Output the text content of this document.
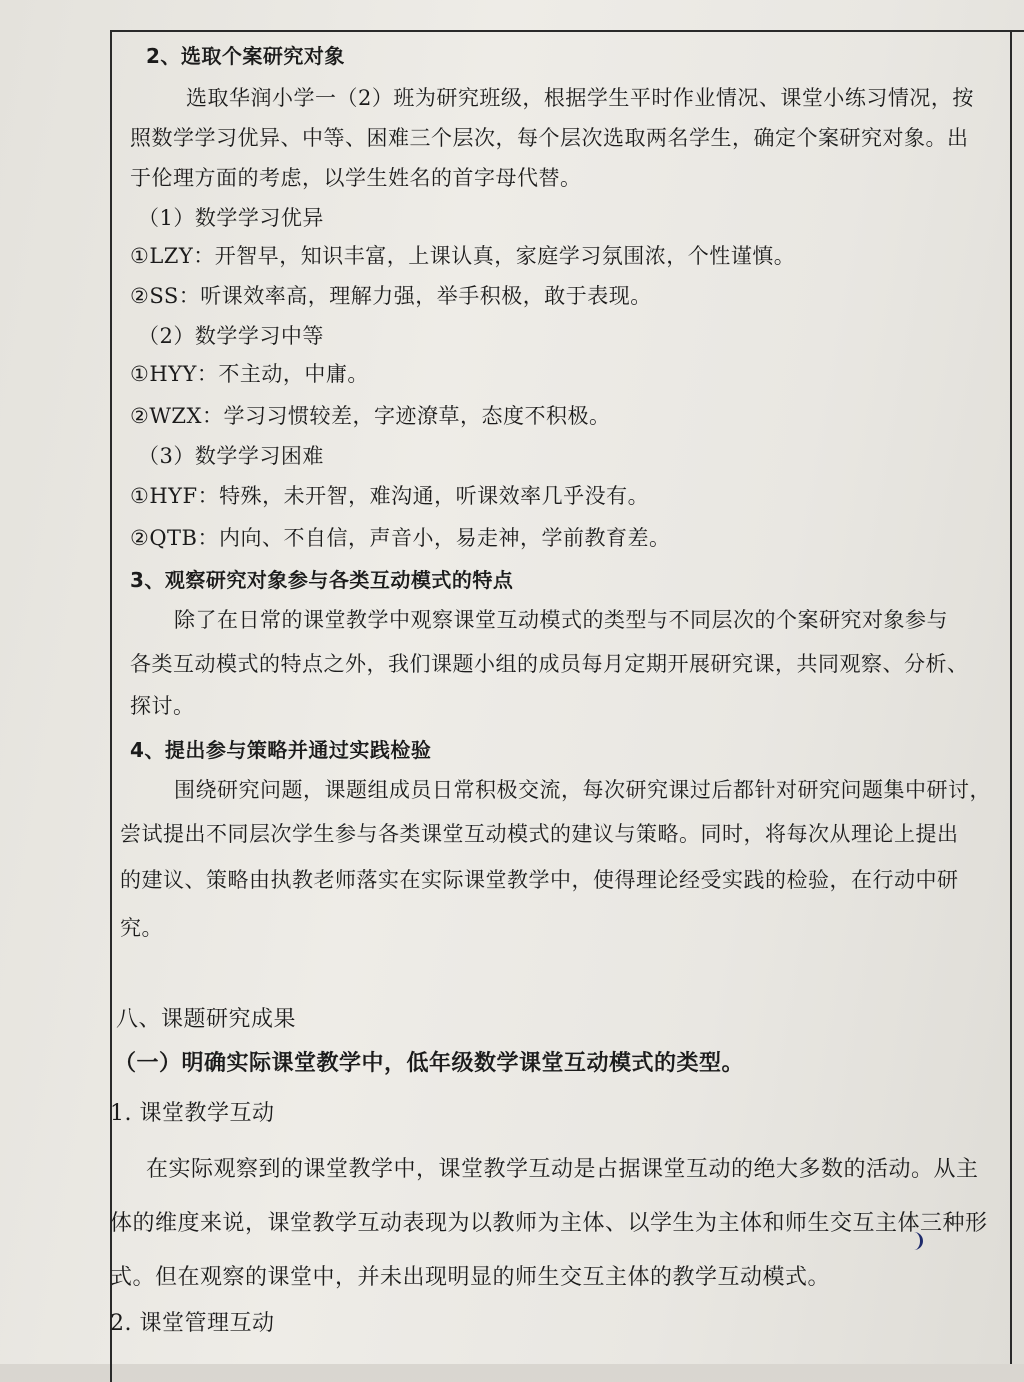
2、选取个案研究对象
选取华润小学一（2）班为研究班级，根据学生平时作业情况、课堂小练习情况，按
照数学学习优异、中等、困难三个层次，每个层次选取两名学生，确定个案研究对象。出
于伦理方面的考虑，以学生姓名的首字母代替。
（1）数学学习优异
①LZY：开智早，知识丰富，上课认真，家庭学习氛围浓，个性谨慎。
②SS：听课效率高，理解力强，举手积极，敢于表现。
（2）数学学习中等
①HYY：不主动，中庸。
②WZX：学习习惯较差，字迹潦草，态度不积极。
（3）数学学习困难
①HYF：特殊，未开智，难沟通，听课效率几乎没有。
②QTB：内向、不自信，声音小，易走神，学前教育差。
3、观察研究对象参与各类互动模式的特点
除了在日常的课堂教学中观察课堂互动模式的类型与不同层次的个案研究对象参与
各类互动模式的特点之外，我们课题小组的成员每月定期开展研究课，共同观察、分析、
探讨。
4、提出参与策略并通过实践检验
围绕研究问题，课题组成员日常积极交流，每次研究课过后都针对研究问题集中研讨，
尝试提出不同层次学生参与各类课堂互动模式的建议与策略。同时，将每次从理论上提出
的建议、策略由执教老师落实在实际课堂教学中，使得理论经受实践的检验，在行动中研
究。
八、课题研究成果
（一）明确实际课堂教学中，低年级数学课堂互动模式的类型。
1. 课堂教学互动
在实际观察到的课堂教学中，课堂教学互动是占据课堂互动的绝大多数的活动。从主
体的维度来说，课堂教学互动表现为以教师为主体、以学生为主体和师生交互主体三种形
式。但在观察的课堂中，并未出现明显的师生交互主体的教学互动模式。
2. 课堂管理互动
